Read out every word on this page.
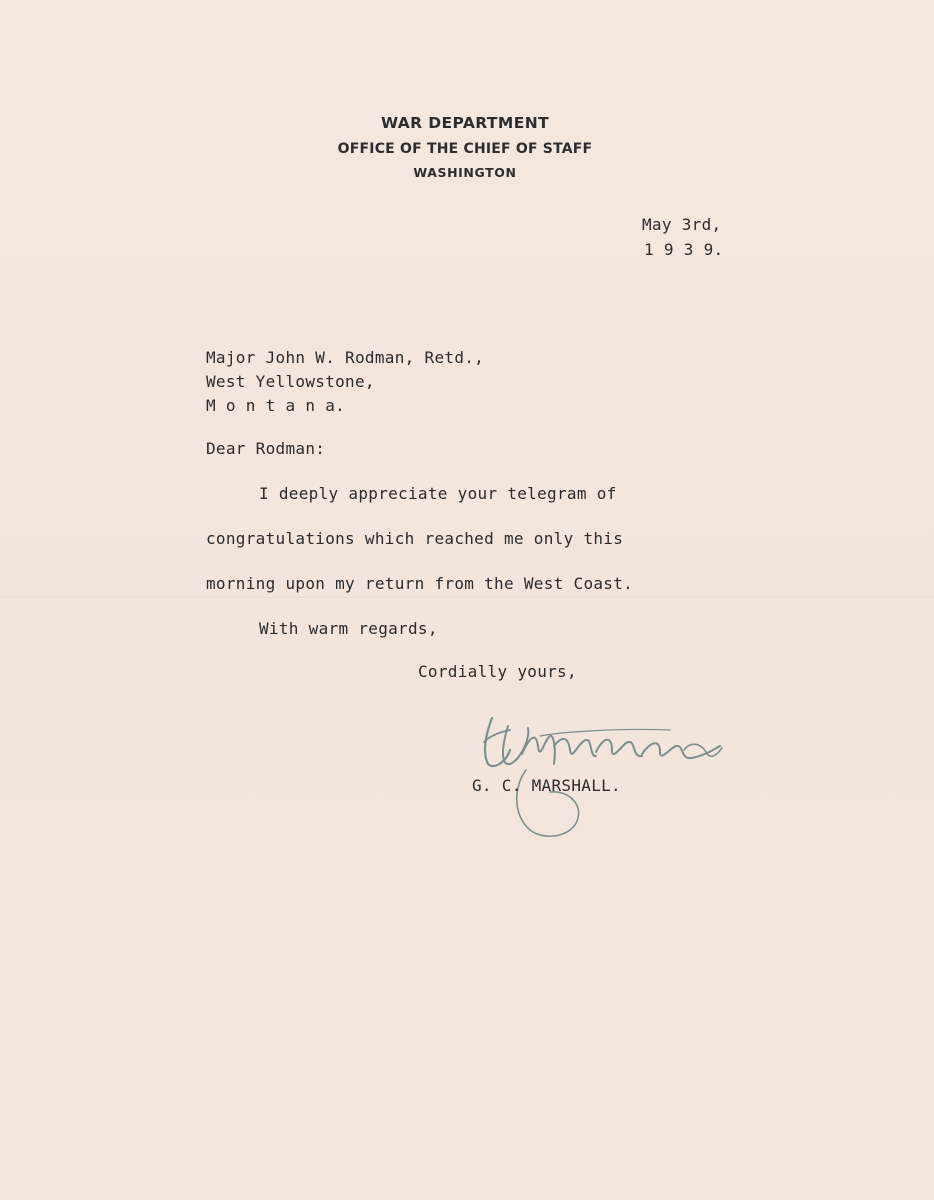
WAR DEPARTMENT
OFFICE OF THE CHIEF OF STAFF
WASHINGTON
May 3rd,
1 9 3 9.
Major John W. Rodman, Retd.,
West Yellowstone,
M o n t a n a.
Dear Rodman:
I deeply appreciate your telegram of
congratulations which reached me only this
morning upon my return from the West Coast.
With warm regards,
Cordially yours,
G. C. MARSHALL.
